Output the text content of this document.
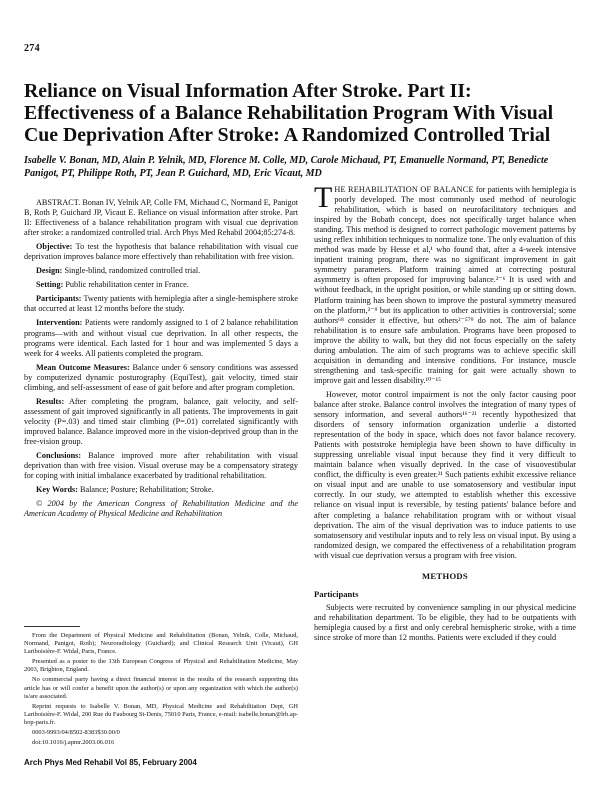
274
Reliance on Visual Information After Stroke. Part II: Effectiveness of a Balance Rehabilitation Program With Visual Cue Deprivation After Stroke: A Randomized Controlled Trial
Isabelle V. Bonan, MD, Alain P. Yelnik, MD, Florence M. Colle, MD, Carole Michaud, PT, Emanuelle Normand, PT, Benedicte Panigot, PT, Philippe Roth, PT, Jean P. Guichard, MD, Eric Vicaut, MD

ABSTRACT. Bonan IV, Yelnik AP, Colle FM, Michaud C, Normand E, Panigot B, Roth P, Guichard JP, Vicaut E. Reliance on visual information after stroke. Part II: Effectiveness of a balance rehabilitation program with visual cue deprivation after stroke: a randomized controlled trial. Arch Phys Med Rehabil 2004;85:274-8.

Objective: To test the hypothesis that balance rehabilitation with visual cue deprivation improves balance more effectively than rehabilitation with free vision.

Design: Single-blind, randomized controlled trial.

Setting: Public rehabilitation center in France.

Participants: Twenty patients with hemiplegia after a single-hemisphere stroke that occurred at least 12 months before the study.

Intervention: Patients were randomly assigned to 1 of 2 balance rehabilitation programs—with and without visual cue deprivation. In all other respects, the programs were identical. Each lasted for 1 hour and was implemented 5 days a week for 4 weeks. All patients completed the program.

Mean Outcome Measures: Balance under 6 sensory conditions was assessed by computerized dynamic posturography (EquiTest), gait velocity, timed stair climbing, and self-assessment of ease of gait before and after program completion.

Results: After completing the program, balance, gait velocity, and self-assessment of gait improved significantly in all patients. The improvements in gait velocity (P=.03) and timed stair climbing (P=.01) correlated significantly with improved balance. Balance improved more in the vision-deprived group than in the free-vision group.

Conclusions: Balance improved more after rehabilitation with visual deprivation than with free vision. Visual overuse may be a compensatory strategy for coping with initial imbalance exacerbated by traditional rehabilitation.

Key Words: Balance; Posture; Rehabilitation; Stroke.

© 2004 by the American Congress of Rehabilitation Medicine and the American Academy of Physical Medicine and Rehabilitation

From the Department of Physical Medicine and Rehabilitation (Bonan, Yelnik, Colle, Michaud, Normand, Panigot, Roth); Neuroradiology (Guichard); and Clinical Research Unit (Vicaut), GH Lariboisière-F. Widal, Paris, France.

Presented as a poster to the 13th European Congress of Physical and Rehabilitation Medicine, May 2003, Brighton, England.

No commercial party having a direct financial interest in the results of the research supporting this article has or will confer a benefit upon the author(s) or upon any organization with which the author(s) is/are associated.

Reprint requests to Isabelle V. Bonan, MD, Physical Medicine and Rehabilitation Dept, GH Lariboisière-F. Widal, 200 Rue du Faubourg St-Denis, 75010 Paris, France, e-mail: isabelle.bonan@lrb.ap-hop-paris.fr.

0003-9993/04/8502-8383$30.00/0

doi:10.1016/j.apmr.2003.06.016

THE REHABILITATION OF BALANCE for patients with hemiplegia is poorly developed. The most commonly used method of neurologic rehabilitation, which is based on neurofacilitatory techniques and inspired by the Bobath concept, does not specifically target balance when standing. This method is designed to correct pathologic movement patterns by using reflex inhibition techniques to normalize tone. The only evaluation of this method was made by Hesse et al,¹ who found that, after a 4-week intensive inpatient training program, there was no significant improvement in gait symmetry parameters. Platform training aimed at correcting postural asymmetry is often proposed for improving balance.²⁻⁶ It is used with and without feedback, in the upright position, or while standing up or sitting down. Platform training has been shown to improve the postural symmetry measured on the platform,²⁻⁹ but its application to other activities is controversial; some authors⁶⁸ consider it effective, but others²⁻⁵⁷⁹ do not. The aim of balance rehabilitation is to ensure safe ambulation. Programs have been proposed to improve the ability to walk, but they did not focus especially on the safety during ambulation. The aim of such programs was to achieve specific skill acquisition in demanding and intensive conditions. For instance, muscle strengthening and task-specific training for gait were actually shown to improve gait and lessen disability.¹⁰⁻¹⁵

However, motor control impairment is not the only factor causing poor balance after stroke. Balance control involves the integration of many types of sensory information, and several authors¹⁶⁻²¹ recently hypothesized that disorders of sensory information organization underlie a distorted representation of the body in space, which does not favor balance recovery. Patients with poststroke hemiplegia have been shown to have difficulty in suppressing unreliable visual input because they find it very difficult to maintain balance when visually deprived. In the case of visuovestibular conflict, the difficulty is even greater.²¹ Such patients exhibit excessive reliance on visual input and are unable to use somatosensory and vestibular input correctly. In our study, we attempted to establish whether this excessive reliance on visual input is reversible, by testing patients' balance before and after completing a balance rehabilitation program with or without visual deprivation. The aim of the visual deprivation was to induce patients to use somatosensory and vestibular inputs and to rely less on visual input. By using a randomized design, we compared the effectiveness of a rehabilitation program with visual cue deprivation versus a program with free vision.

METHODS
Participants

Subjects were recruited by convenience sampling in our physical medicine and rehabilitation department. To be eligible, they had to be outpatients with hemiplegia caused by a first and only cerebral hemispheric stroke, with a time since stroke of more than 12 months. Patients were excluded if they could

Arch Phys Med Rehabil Vol 85, February 2004
